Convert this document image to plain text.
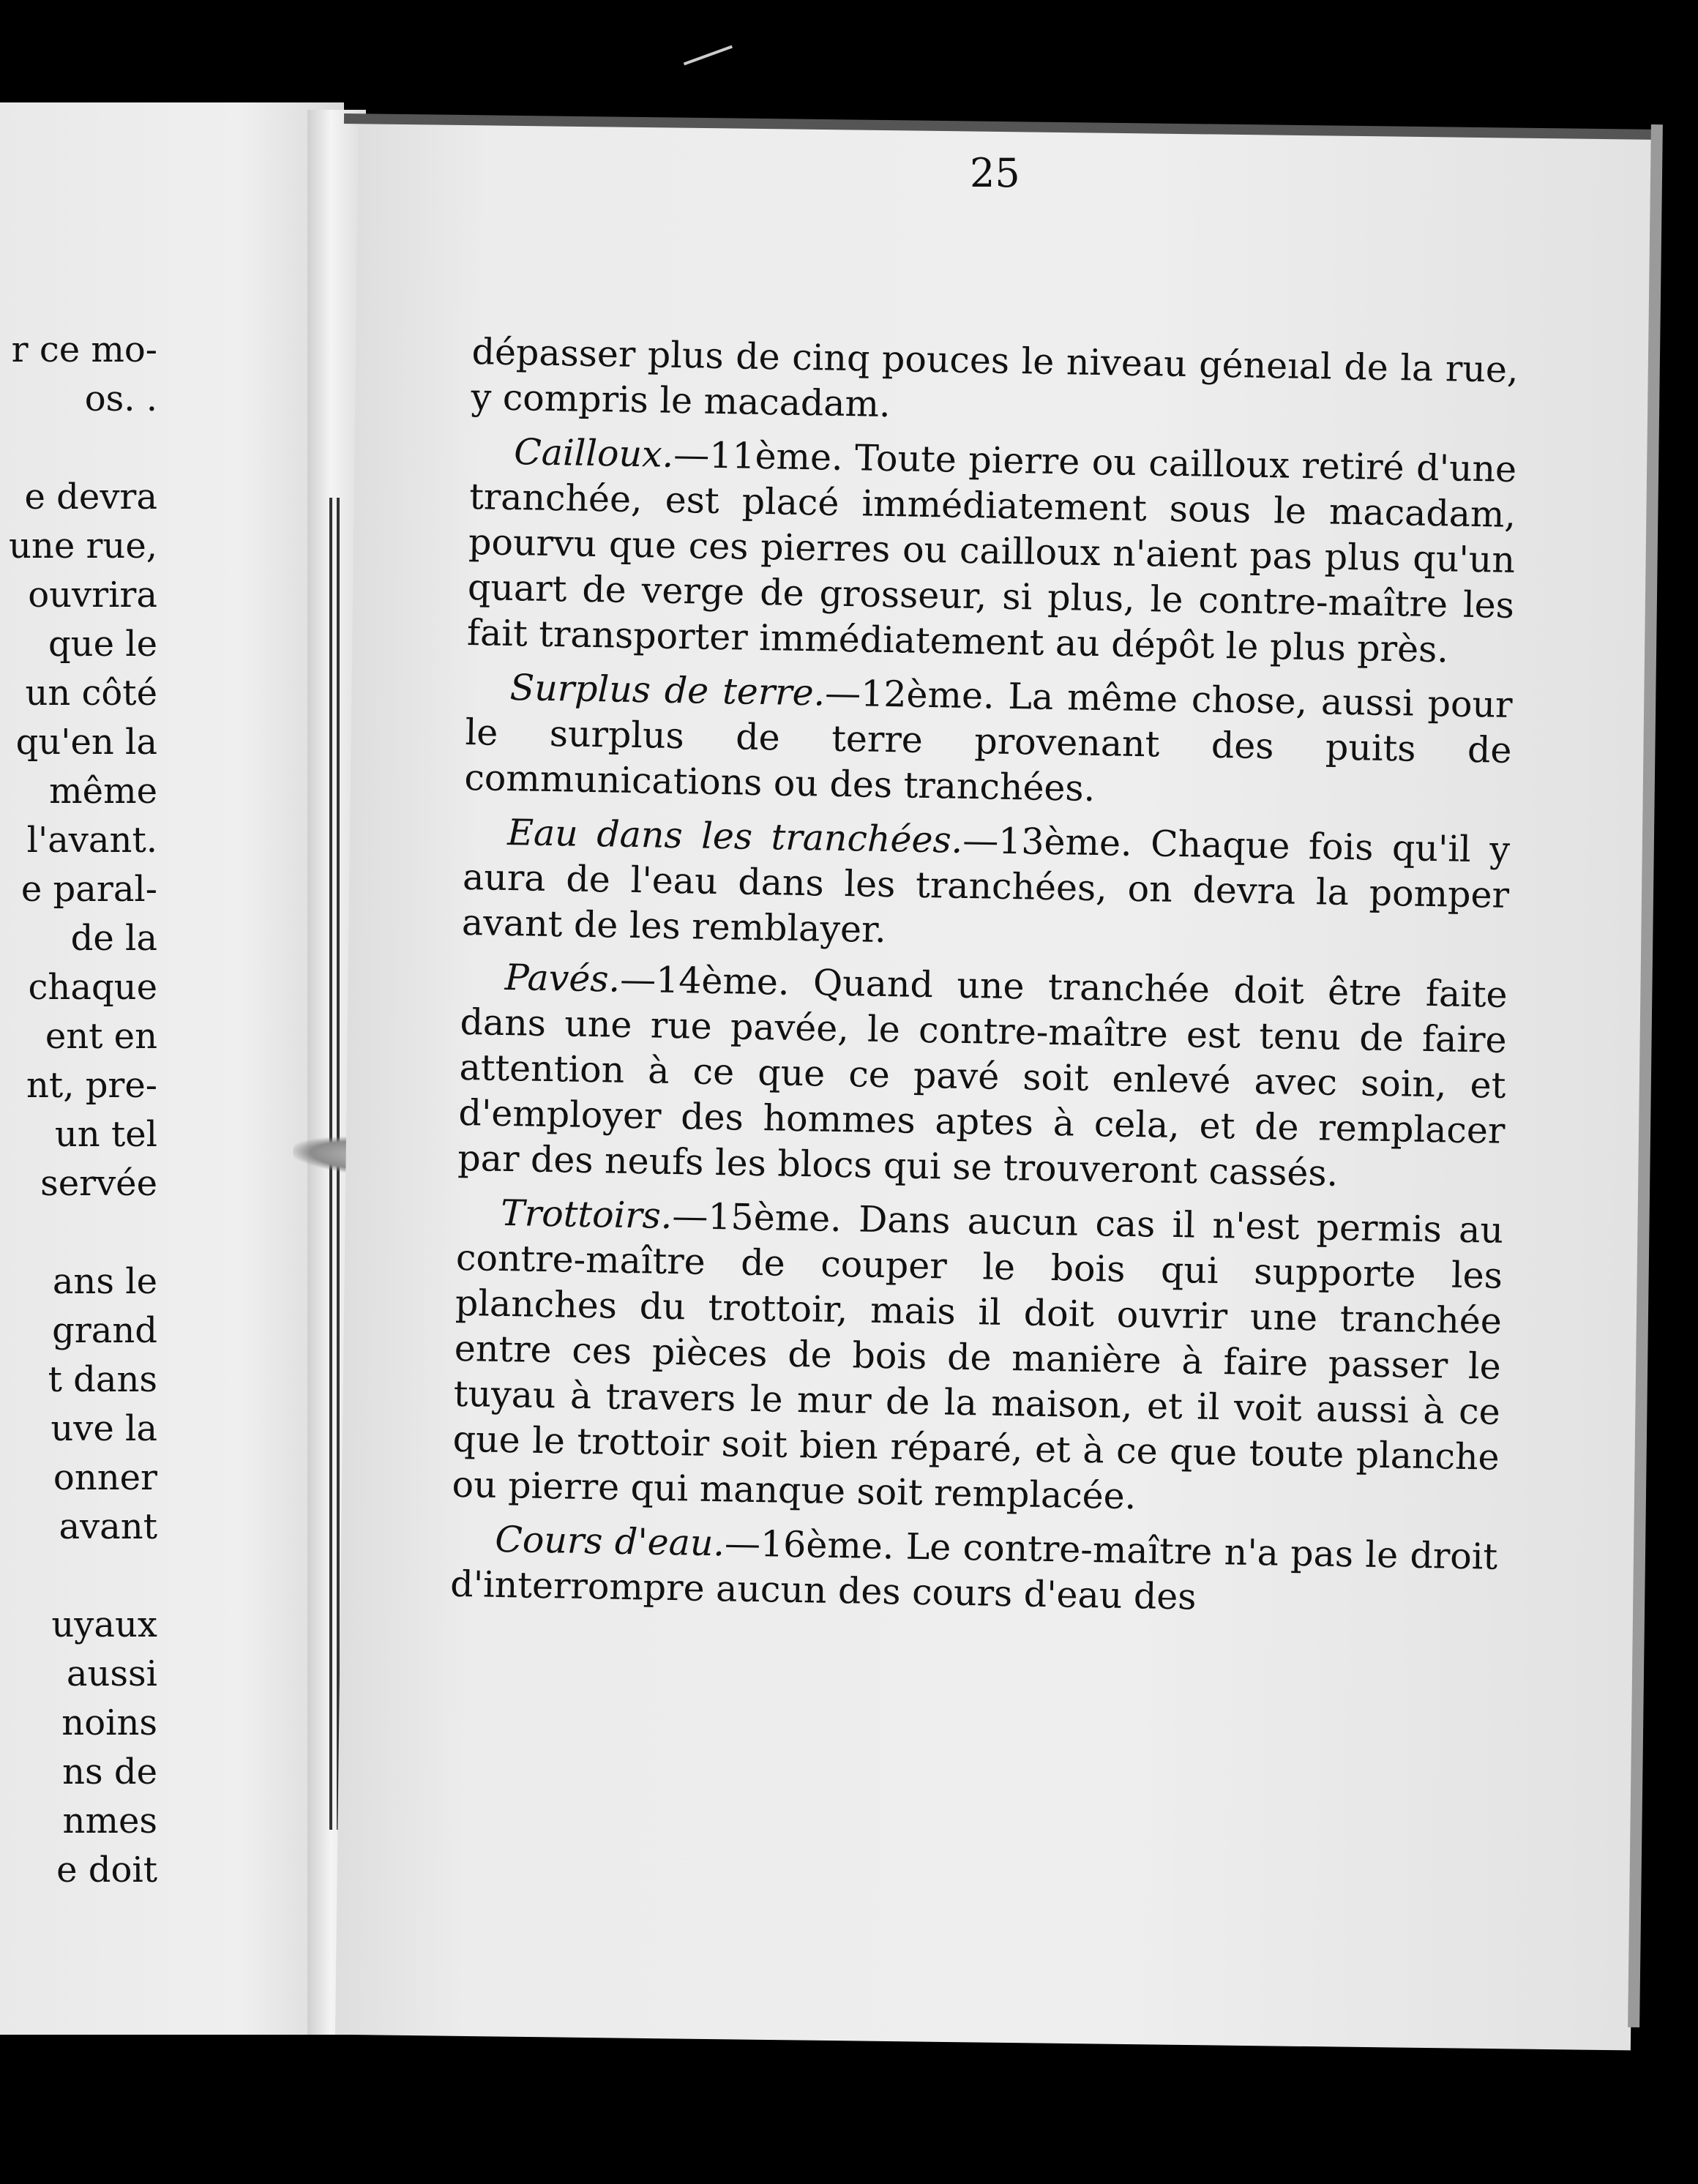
r ce mo-
os. .
e devra
une rue,
ouvrira
que le
un côté
qu'en la
même
l'avant.
e paral-
de la
chaque
ent en
nt, pre-
un tel
servée
ans le
grand
t dans
uve la
onner
avant
uyaux
aussi
noins
ns de
nmes
e doit
25

dépasser plus de cinq pouces le niveau géneıal de la rue, y compris le macadam.

Cailloux.—11ème. Toute pierre ou cailloux retiré d'une tranchée, est placé immédiatement sous le macadam, pourvu que ces pierres ou cailloux n'aient pas plus qu'un quart de verge de grosseur, si plus, le contre-maître les fait transporter immédiatement au dépôt le plus près.

Surplus de terre.—12ème. La même chose, aussi pour le surplus de terre provenant des puits de communications ou des tranchées.

Eau dans les tranchées.—13ème. Chaque fois qu'il y aura de l'eau dans les tranchées, on devra la pomper avant de les remblayer.

Pavés.—14ème. Quand une tranchée doit être faite dans une rue pavée, le contre-maître est tenu de faire attention à ce que ce pavé soit enlevé avec soin, et d'employer des hommes aptes à cela, et de remplacer par des neufs les blocs qui se trouveront cassés.

Trottoirs.—15ème. Dans aucun cas il n'est permis au contre-maître de couper le bois qui supporte les planches du trottoir, mais il doit ouvrir une tranchée entre ces pièces de bois de manière à faire passer le tuyau à travers le mur de la maison, et il voit aussi à ce que le trottoir soit bien réparé, et à ce que toute planche ou pierre qui manque soit remplacée.

Cours d'eau.—16ème. Le contre-maître n'a pas le droit d'interrompre aucun des cours d'eau des
